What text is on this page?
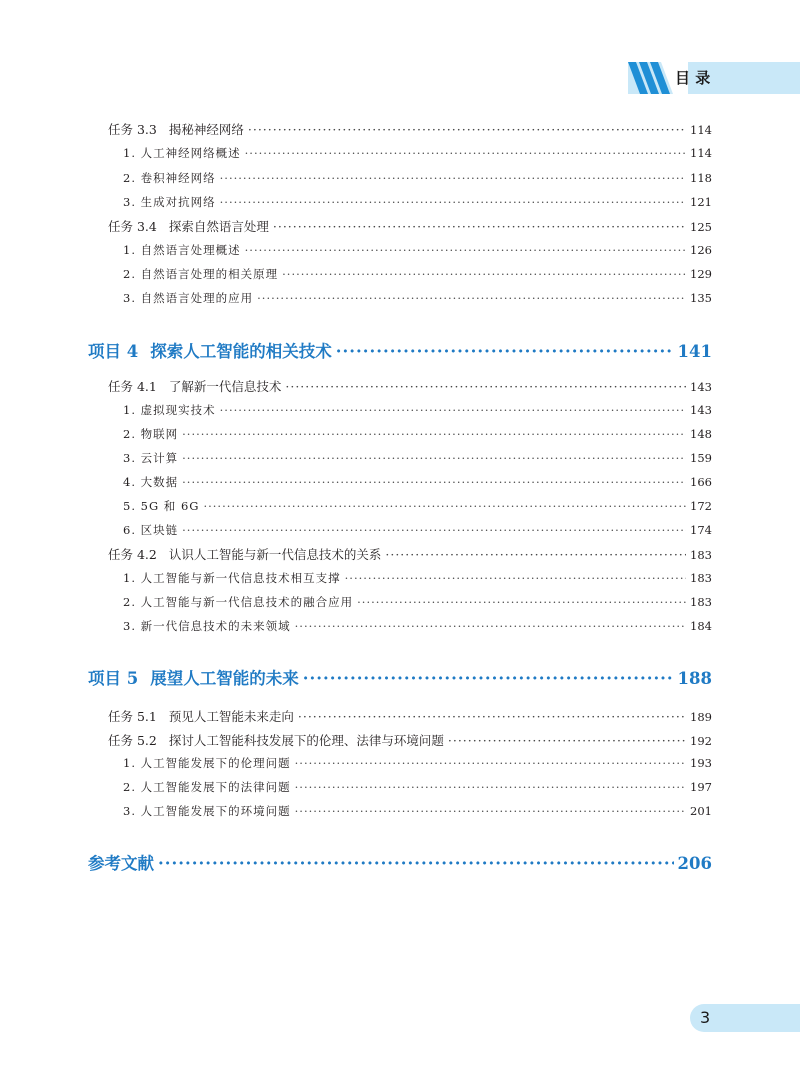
目 录
任务 3.3 揭秘神经网络 ·····	114
1. 人工神经网络概述 ·····	114
2. 卷积神经网络 ·····	118
3. 生成对抗网络 ·····	121
任务 3.4 探索自然语言处理 ·····	125
1. 自然语言处理概述 ·····	126
2. 自然语言处理的相关原理 ·····	129
3. 自然语言处理的应用 ·····	135
项目 4 探索人工智能的相关技术 ·····	141
任务 4.1 了解新一代信息技术 ·····	143
1. 虚拟现实技术 ·····	143
2. 物联网 ·····	148
3. 云计算 ·····	159
4. 大数据 ·····	166
5. 5G 和 6G ·····	172
6. 区块链 ·····	174
任务 4.2 认识人工智能与新一代信息技术的关系 ·····	183
1. 人工智能与新一代信息技术相互支撑 ·····	183
2. 人工智能与新一代信息技术的融合应用 ·····	183
3. 新一代信息技术的未来领域 ·····	184
项目 5 展望人工智能的未来 ·····	188
任务 5.1 预见人工智能未来走向 ·····	189
任务 5.2 探讨人工智能科技发展下的伦理、法律与环境问题 ·····	192
1. 人工智能发展下的伦理问题 ·····	193
2. 人工智能发展下的法律问题 ·····	197
3. 人工智能发展下的环境问题 ·····	201
参考文献 ·····	206
3
